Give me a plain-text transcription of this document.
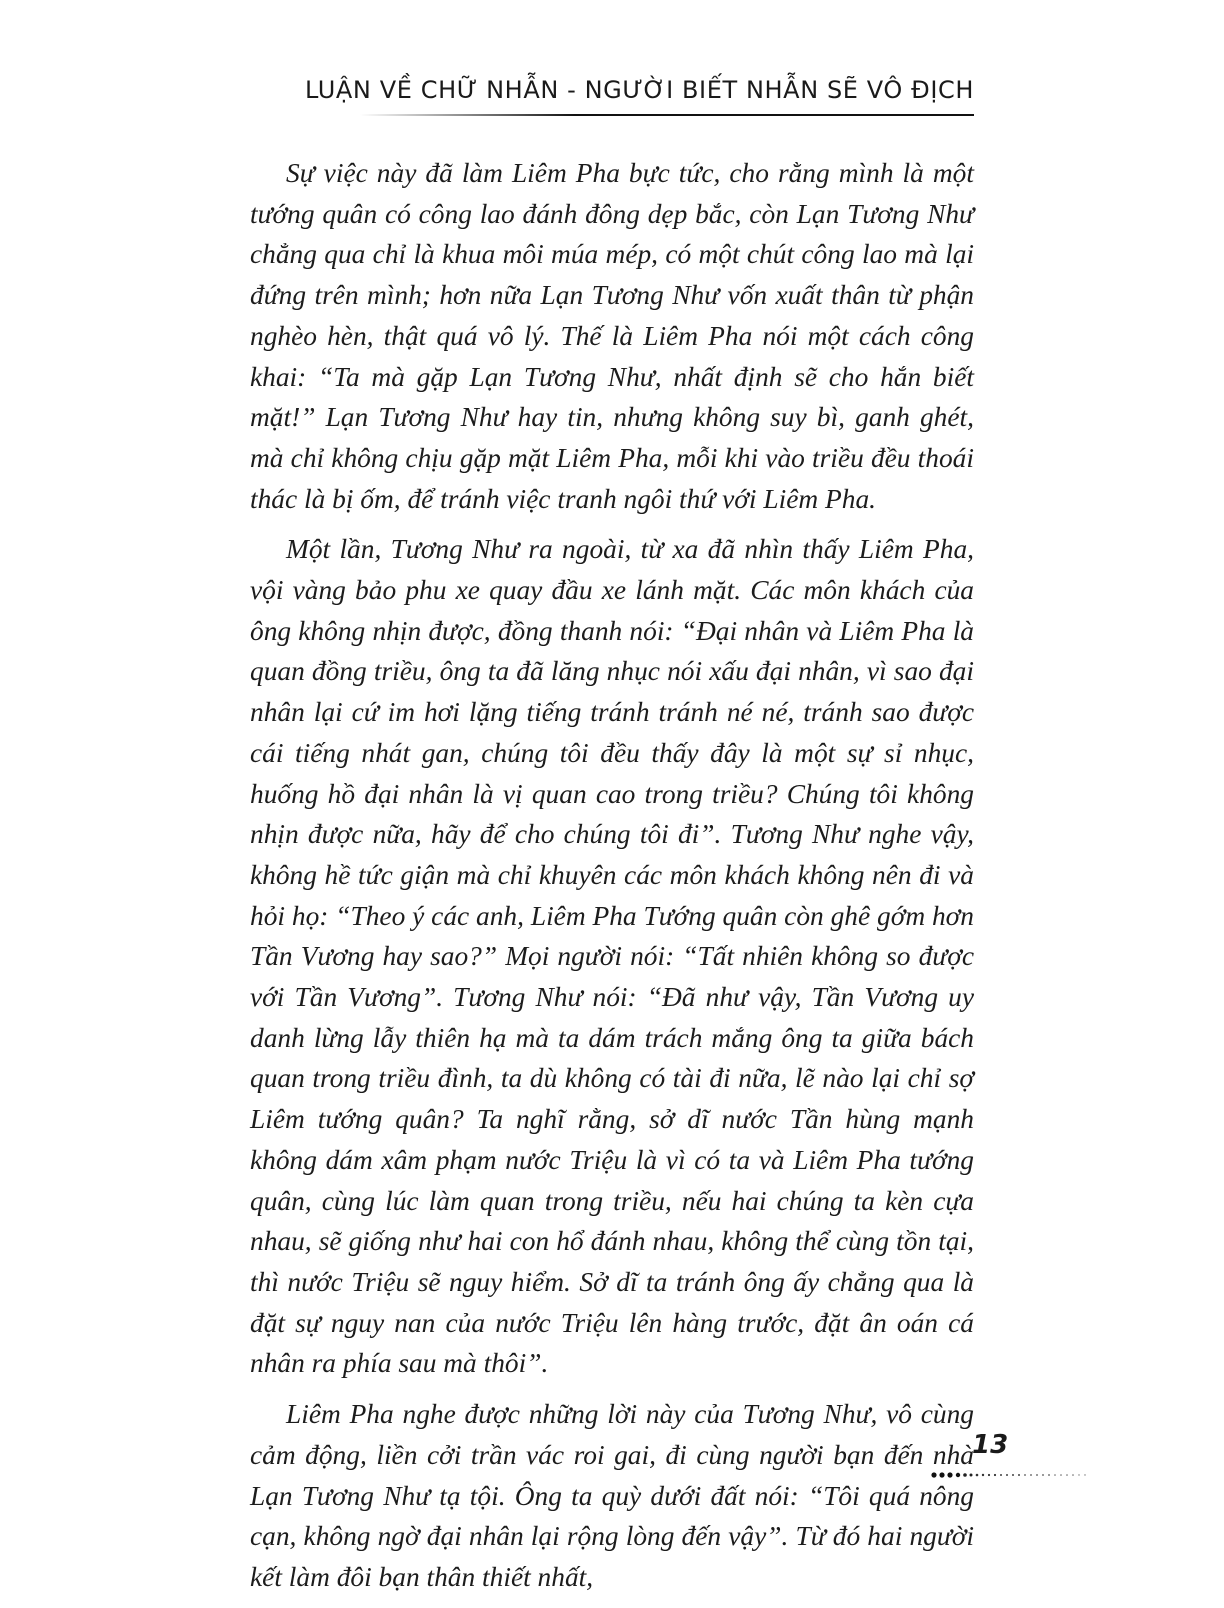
LUẬN VỀ CHỮ NHẪN - NGƯỜI BIẾT NHẪN SẼ VÔ ĐỊCH

Sự việc này đã làm Liêm Pha bực tức, cho rằng mình là một tướng quân có công lao đánh đông dẹp bắc, còn Lạn Tương Như chẳng qua chỉ là khua môi múa mép, có một chút công lao mà lại đứng trên mình; hơn nữa Lạn Tương Như vốn xuất thân từ phận nghèo hèn, thật quá vô lý. Thế là Liêm Pha nói một cách công khai: “Ta mà gặp Lạn Tương Như, nhất định sẽ cho hắn biết mặt!” Lạn Tương Như hay tin, nhưng không suy bì, ganh ghét, mà chỉ không chịu gặp mặt Liêm Pha, mỗi khi vào triều đều thoái thác là bị ốm, để tránh việc tranh ngôi thứ với Liêm Pha.

Một lần, Tương Như ra ngoài, từ xa đã nhìn thấy Liêm Pha, vội vàng bảo phu xe quay đầu xe lánh mặt. Các môn khách của ông không nhịn được, đồng thanh nói: “Đại nhân và Liêm Pha là quan đồng triều, ông ta đã lăng nhục nói xấu đại nhân, vì sao đại nhân lại cứ im hơi lặng tiếng tránh tránh né né, tránh sao được cái tiếng nhát gan, chúng tôi đều thấy đây là một sự sỉ nhục, huống hồ đại nhân là vị quan cao trong triều? Chúng tôi không nhịn được nữa, hãy để cho chúng tôi đi”. Tương Như nghe vậy, không hề tức giận mà chỉ khuyên các môn khách không nên đi và hỏi họ: “Theo ý các anh, Liêm Pha Tướng quân còn ghê gớm hơn Tần Vương hay sao?” Mọi người nói: “Tất nhiên không so được với Tần Vương”. Tương Như nói: “Đã như vậy, Tần Vương uy danh lừng lẫy thiên hạ mà ta dám trách mắng ông ta giữa bách quan trong triều đình, ta dù không có tài đi nữa, lẽ nào lại chỉ sợ Liêm tướng quân? Ta nghĩ rằng, sở dĩ nước Tần hùng mạnh không dám xâm phạm nước Triệu là vì có ta và Liêm Pha tướng quân, cùng lúc làm quan trong triều, nếu hai chúng ta kèn cựa nhau, sẽ giống như hai con hổ đánh nhau, không thể cùng tồn tại, thì nước Triệu sẽ nguy hiểm. Sở dĩ ta tránh ông ấy chẳng qua là đặt sự nguy nan của nước Triệu lên hàng trước, đặt ân oán cá nhân ra phía sau mà thôi”.

Liêm Pha nghe được những lời này của Tương Như, vô cùng cảm động, liền cởi trần vác roi gai, đi cùng người bạn đến nhà Lạn Tương Như tạ tội. Ông ta quỳ dưới đất nói: “Tôi quá nông cạn, không ngờ đại nhân lại rộng lòng đến vậy”. Từ đó hai người kết làm đôi bạn thân thiết nhất,

13
